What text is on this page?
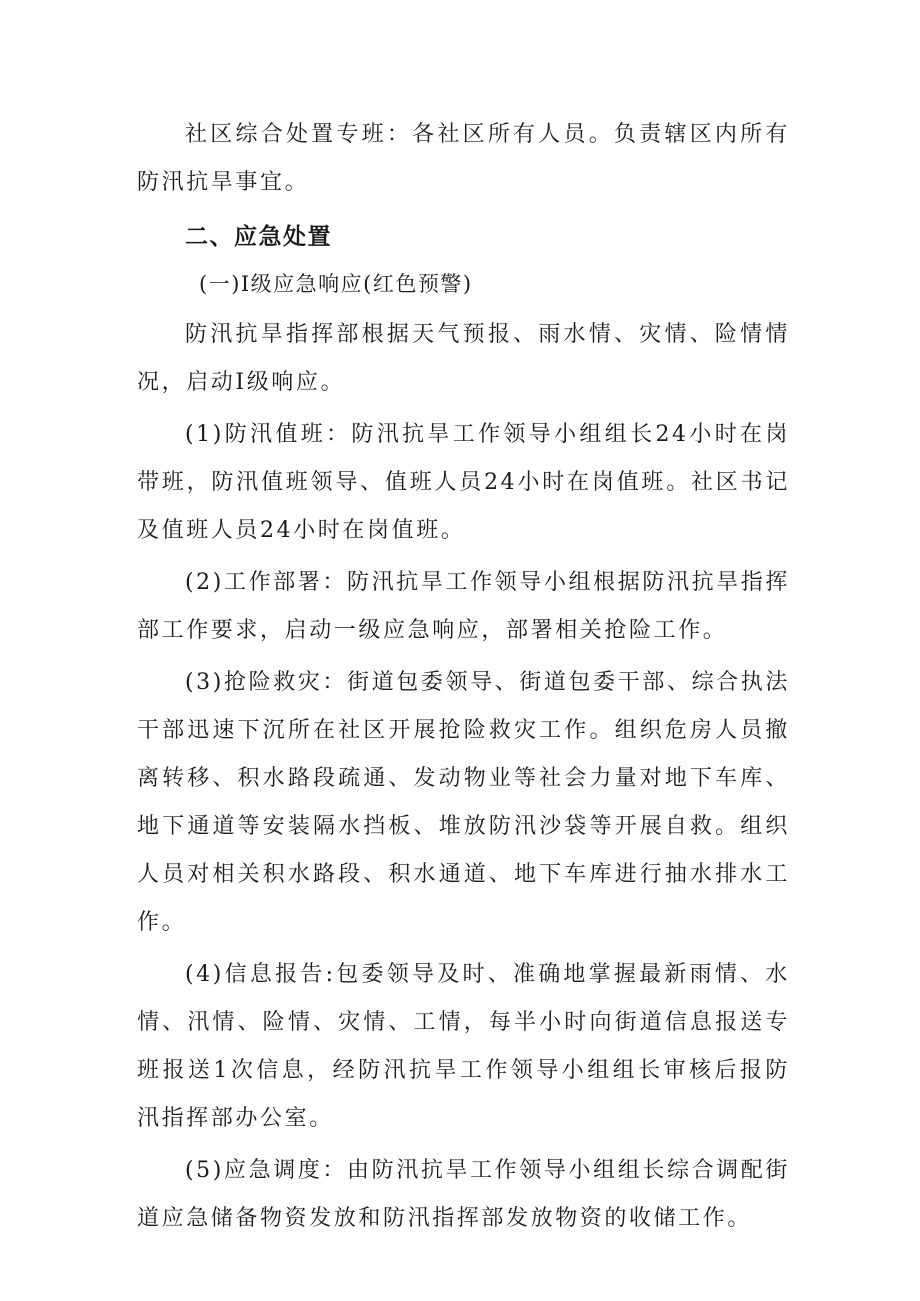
社区综合处置专班：各社区所有人员。负责辖区内所有防汛抗旱事宜。

二、应急处置

(一)Ⅰ级应急响应(红色预警)

防汛抗旱指挥部根据天气预报、雨水情、灾情、险情情况，启动Ⅰ级响应。

(1)防汛值班：防汛抗旱工作领导小组组长24小时在岗带班，防汛值班领导、值班人员24小时在岗值班。社区书记及值班人员24小时在岗值班。

(2)工作部署：防汛抗旱工作领导小组根据防汛抗旱指挥部工作要求，启动一级应急响应，部署相关抢险工作。

(3)抢险救灾：街道包委领导、街道包委干部、综合执法干部迅速下沉所在社区开展抢险救灾工作。组织危房人员撤离转移、积水路段疏通、发动物业等社会力量对地下车库、地下通道等安装隔水挡板、堆放防汛沙袋等开展自救。组织人员对相关积水路段、积水通道、地下车库进行抽水排水工作。

(4)信息报告:包委领导及时、准确地掌握最新雨情、水情、汛情、险情、灾情、工情，每半小时向街道信息报送专班报送1次信息，经防汛抗旱工作领导小组组长审核后报防汛指挥部办公室。

(5)应急调度：由防汛抗旱工作领导小组组长综合调配街道应急储备物资发放和防汛指挥部发放物资的收储工作。
